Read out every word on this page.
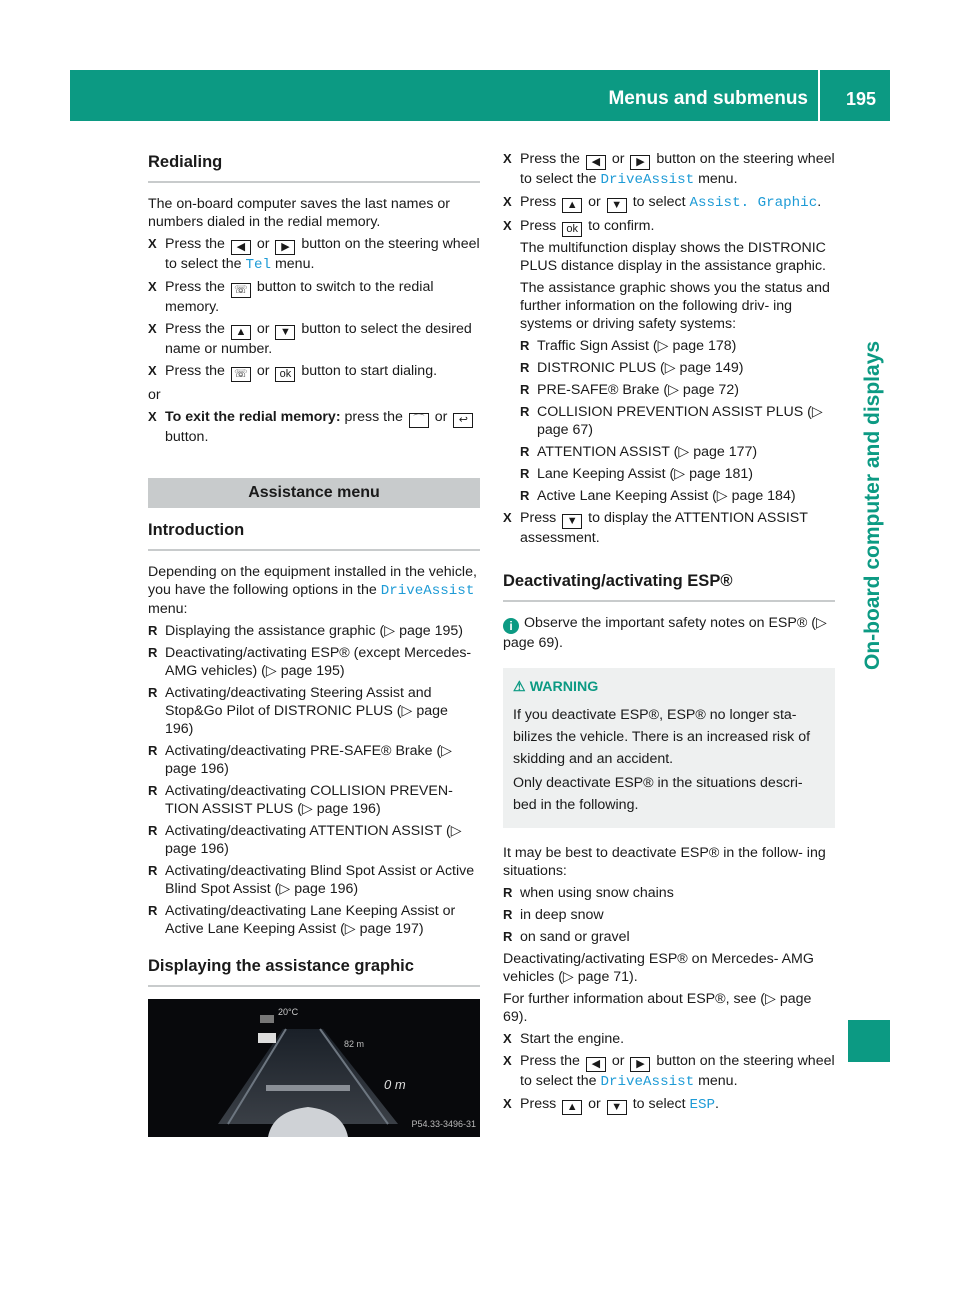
Menus and submenus	195
On-board computer and displays
Redialing

The on-board computer saves the last names or numbers dialed in the redial memory.

X Press the ◀ or ▶ button on the steering wheel to select the Tel menu.
X Press the ☏ button to switch to the redial memory.
X Press the ▲ or ▼ button to select the desired name or number.
X Press the ☏ or ok button to start dialing.

or

X To exit the redial memory: press the ⌒ or ↩ button.
Assistance menu
Introduction

Depending on the equipment installed in the vehicle, you have the following options in the DriveAssist menu:

R Displaying the assistance graphic (▷ page 195)
R Deactivating/activating ESP® (except Mercedes-AMG vehicles) (▷ page 195)
R Activating/deactivating Steering Assist and Stop&Go Pilot of DISTRONIC PLUS (▷ page 196)
R Activating/deactivating PRE-SAFE® Brake (▷ page 196)
R Activating/deactivating COLLISION PREVEN- TION ASSIST PLUS (▷ page 196)
R Activating/deactivating ATTENTION ASSIST (▷ page 196)
R Activating/deactivating Blind Spot Assist or Active Blind Spot Assist (▷ page 196)
R Activating/deactivating Lane Keeping Assist or Active Lane Keeping Assist (▷ page 197)
Displaying the assistance graphic
20°C
82 m
0 m
P54.33-3496-31
X Press the ◀ or ▶ button on the steering wheel to select the DriveAssist menu.
X Press ▲ or ▼ to select Assist. Graphic.
X Press ok to confirm.
The multifunction display shows the DISTRONIC PLUS distance display in the assistance graphic.
The assistance graphic shows you the status and further information on the following driv- ing systems or driving safety systems:
R Traffic Sign Assist (▷ page 178)
R DISTRONIC PLUS (▷ page 149)
R PRE-SAFE® Brake (▷ page 72)
R COLLISION PREVENTION ASSIST PLUS (▷ page 67)
R ATTENTION ASSIST (▷ page 177)
R Lane Keeping Assist (▷ page 181)
R Active Lane Keeping Assist (▷ page 184)
X Press ▼ to display the ATTENTION ASSIST assessment.
Deactivating/activating ESP®

i Observe the important safety notes on ESP® (▷ page 69).

⚠ WARNING

If you deactivate ESP®, ESP® no longer sta- bilizes the vehicle. There is an increased risk of skidding and an accident.

Only deactivate ESP® in the situations descri- bed in the following.

It may be best to deactivate ESP® in the follow- ing situations:

R when using snow chains
R in deep snow
R on sand or gravel

Deactivating/activating ESP® on Mercedes- AMG vehicles (▷ page 71).

For further information about ESP®, see (▷ page 69).

X Start the engine.
X Press the ◀ or ▶ button on the steering wheel to select the DriveAssist menu.
X Press ▲ or ▼ to select ESP.
